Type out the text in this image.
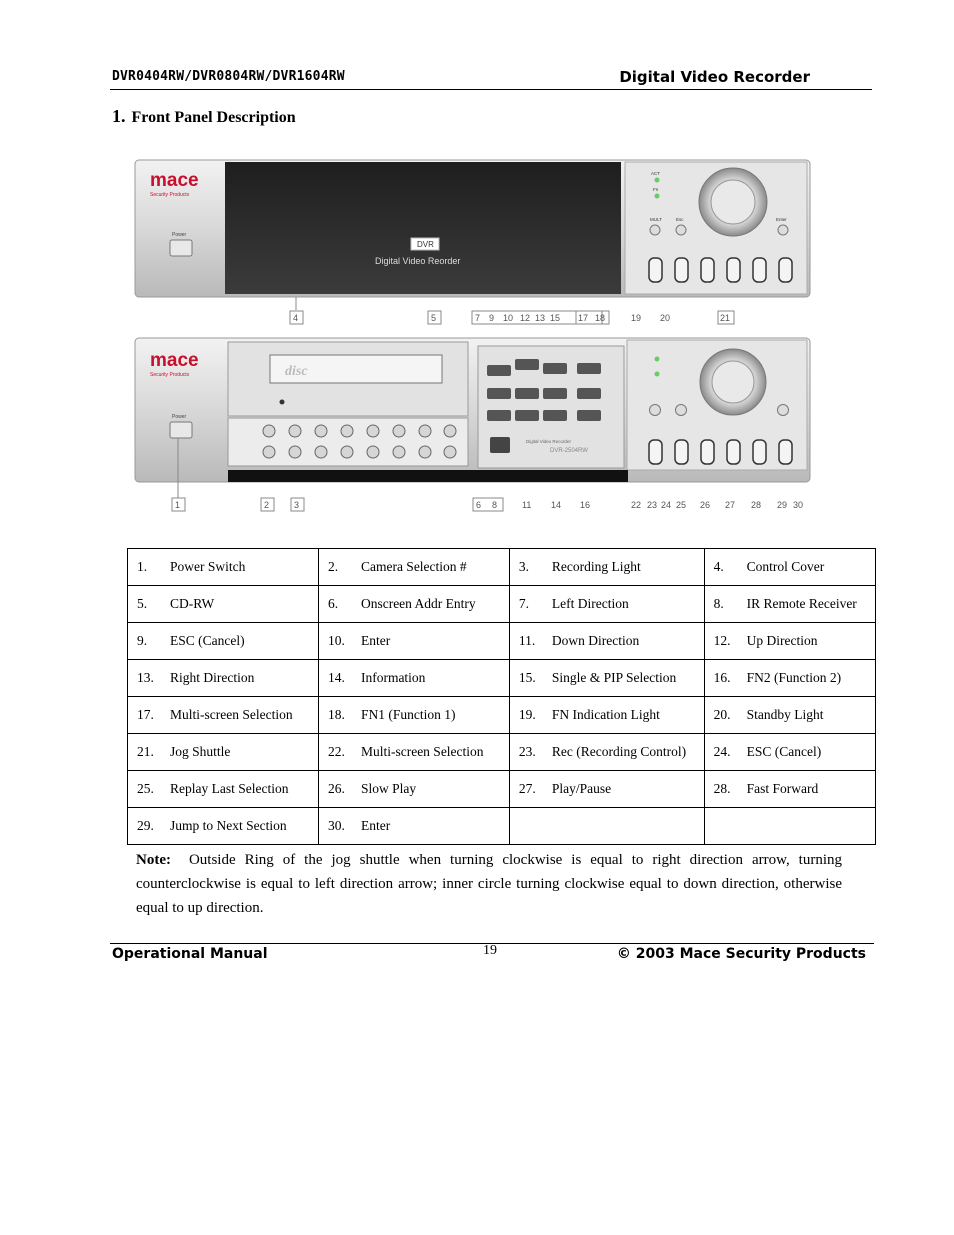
DVR0404RW/DVR0804RW/DVR1604RW	Digital Video Recorder
1. Front Panel Description
mace
Security Products
Power
DVR
Digital Video Reorder
ACT
Fn
MULT	Esc	Enter
4	5	7 9 10 12 13 15 17 18	19 20	21
mace
Security Products
Power
disc
Digital Video Recorder
DVR-2504RW
1	2	3	6 8	11 14 16	22 23 24 25 26 27 28 29 30
1. Power Switch	2. Camera Selection #	3. Recording Light	4. Control Cover
5. CD-RW	6. Onscreen Addr Entry	7. Left Direction	8. IR Remote Receiver
9. ESC (Cancel)	10. Enter	11. Down Direction	12. Up Direction
13. Right Direction	14. Information	15. Single & PIP Selection	16. FN2 (Function 2)
17. Multi-screen Selection	18. FN1 (Function 1)	19. FN Indication Light	20. Standby Light
21. Jog Shuttle	22. Multi-screen Selection	23. Rec (Recording Control)	24. ESC (Cancel)
25. Replay Last Selection	26. Slow Play	27. Play/Pause	28. Fast Forward
29. Jump to Next Section	30. Enter		
Note: Outside Ring of the jog shuttle when turning clockwise is equal to right direction arrow, turning counterclockwise is equal to left direction arrow; inner circle turning clockwise equal to down direction, otherwise equal to up direction.
Operational Manual	19	© 2003 Mace Security Products
